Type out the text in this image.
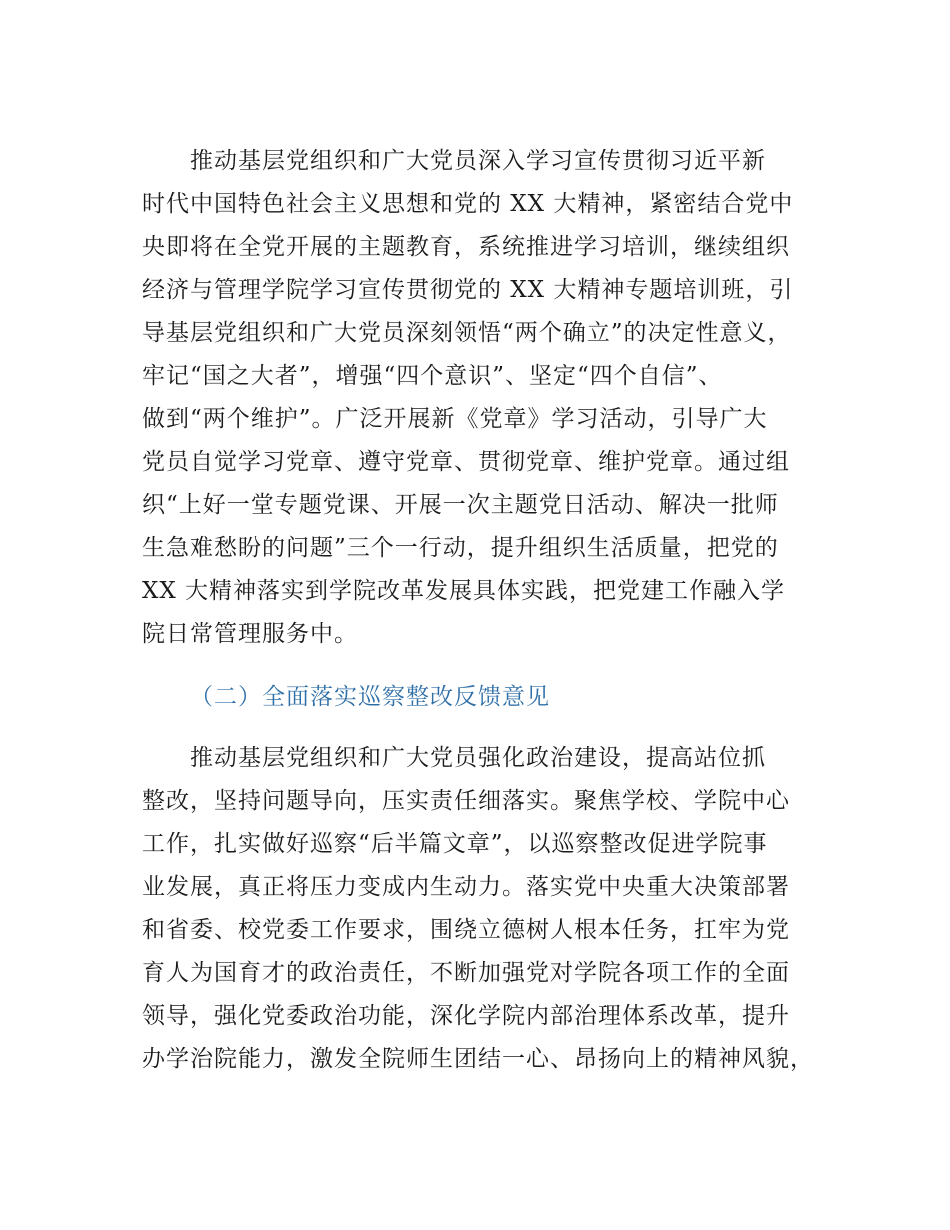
推动基层党组织和广大党员深入学习宣传贯彻习近平新
时代中国特色社会主义思想和党的 XX 大精神，紧密结合党中
央即将在全党开展的主题教育，系统推进学习培训，继续组织
经济与管理学院学习宣传贯彻党的 XX 大精神专题培训班，引
导基层党组织和广大党员深刻领悟“两个确立”的决定性意义，
牢记“国之大者”，增强“四个意识”、坚定“四个自信”、
做到“两个维护”。广泛开展新《党章》学习活动，引导广大
党员自觉学习党章、遵守党章、贯彻党章、维护党章。通过组
织“上好一堂专题党课、开展一次主题党日活动、解决一批师
生急难愁盼的问题”三个一行动，提升组织生活质量，把党的
XX 大精神落实到学院改革发展具体实践，把党建工作融入学
院日常管理服务中。
（二）全面落实巡察整改反馈意见
推动基层党组织和广大党员强化政治建设，提高站位抓
整改，坚持问题导向，压实责任细落实。聚焦学校、学院中心
工作，扎实做好巡察“后半篇文章”，以巡察整改促进学院事
业发展，真正将压力变成内生动力。落实党中央重大决策部署
和省委、校党委工作要求，围绕立德树人根本任务，扛牢为党
育人为国育才的政治责任，不断加强党对学院各项工作的全面
领导，强化党委政治功能，深化学院内部治理体系改革，提升
办学治院能力，激发全院师生团结一心、昂扬向上的精神风貌，
